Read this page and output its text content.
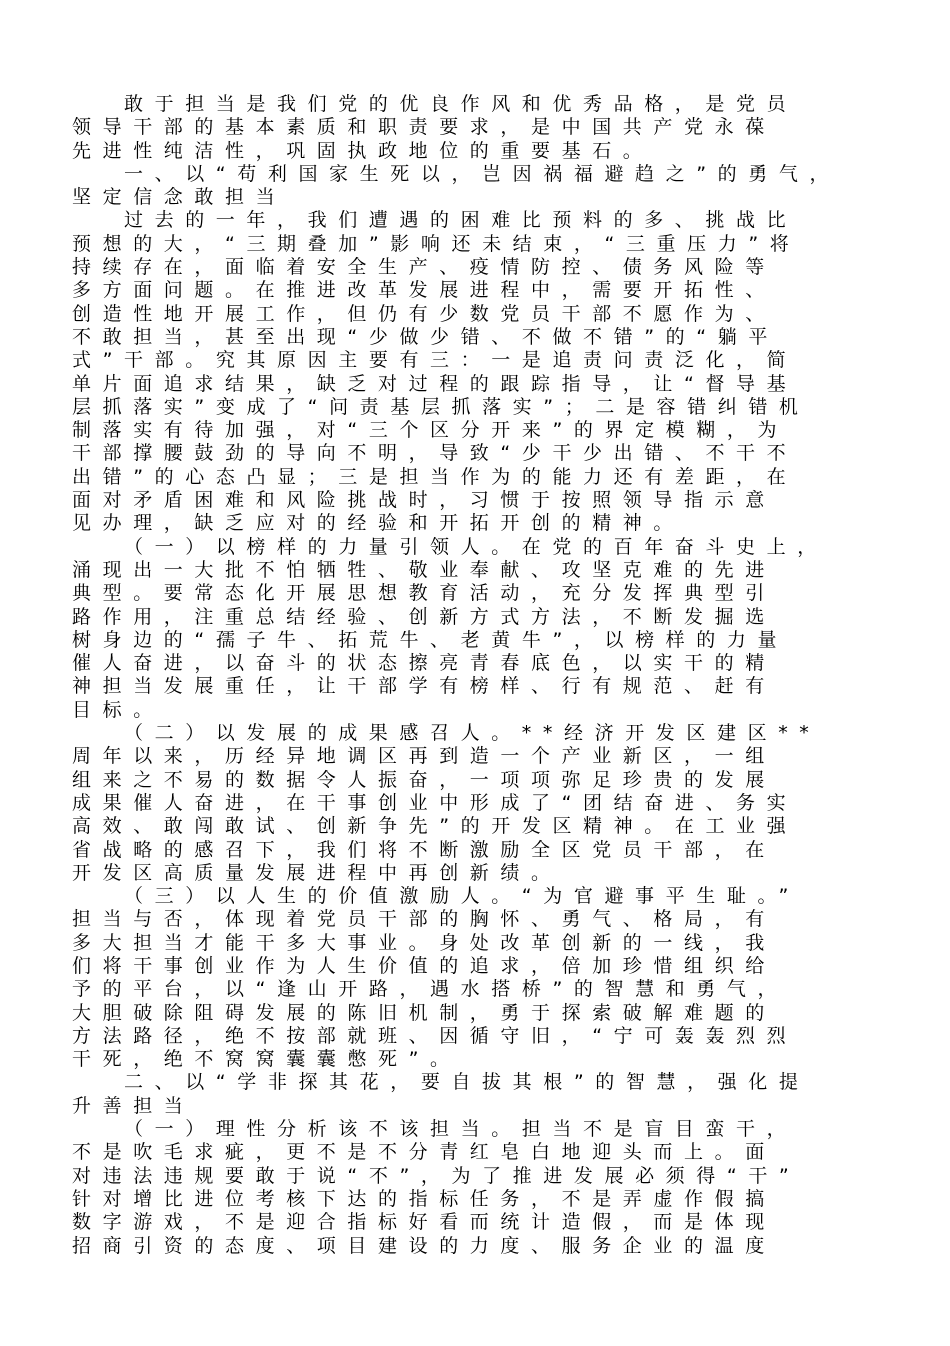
敢于担当是我们党的优良作风和优秀品格，是党员
领导干部的基本素质和职责要求，是中国共产党永葆
先进性纯洁性，巩固执政地位的重要基石。
一、以“苟利国家生死以，岂因祸福避趋之”的勇气，
坚定信念敢担当
过去的一年，我们遭遇的困难比预料的多、挑战比
预想的大，“三期叠加”影响还未结束，“三重压力”将
持续存在，面临着安全生产、疫情防控、债务风险等
多方面问题。在推进改革发展进程中，需要开拓性、
创造性地开展工作，但仍有少数党员干部不愿作为、
不敢担当，甚至出现“少做少错、不做不错”的“躺平
式”干部。究其原因主要有三：一是追责问责泛化，简
单片面追求结果，缺乏对过程的跟踪指导，让“督导基
层抓落实”变成了“问责基层抓落实”；二是容错纠错机
制落实有待加强，对“三个区分开来”的界定模糊，为
干部撑腰鼓劲的导向不明，导致“少干少出错、不干不
出错”的心态凸显；三是担当作为的能力还有差距，在
面对矛盾困难和风险挑战时，习惯于按照领导指示意
见办理，缺乏应对的经验和开拓开创的精神。
（一）以榜样的力量引领人。在党的百年奋斗史上，
涌现出一大批不怕牺牲、敬业奉献、攻坚克难的先进
典型。要常态化开展思想教育活动，充分发挥典型引
路作用，注重总结经验、创新方式方法，不断发掘选
树身边的“孺子牛、拓荒牛、老黄牛”，以榜样的力量
催人奋进，以奋斗的状态擦亮青春底色，以实干的精
神担当发展重任，让干部学有榜样、行有规范、赶有
目标。
（二）以发展的成果感召人。**经济开发区建区**
周年以来，历经异地调区再到造一个产业新区，一组
组来之不易的数据令人振奋，一项项弥足珍贵的发展
成果催人奋进，在干事创业中形成了“团结奋进、务实
高效、敢闯敢试、创新争先”的开发区精神。在工业强
省战略的感召下，我们将不断激励全区党员干部，在
开发区高质量发展进程中再创新绩。
（三）以人生的价值激励人。“为官避事平生耻。”
担当与否，体现着党员干部的胸怀、勇气、格局，有
多大担当才能干多大事业。身处改革创新的一线，我
们将干事创业作为人生价值的追求，倍加珍惜组织给
予的平台，以“逢山开路，遇水搭桥”的智慧和勇气，
大胆破除阻碍发展的陈旧机制，勇于探索破解难题的
方法路径，绝不按部就班、因循守旧，“宁可轰轰烈烈
干死，绝不窝窝囊囊憋死”。
二、以“学非探其花，要自拔其根”的智慧，强化提
升善担当
（一）理性分析该不该担当。担当不是盲目蛮干，
不是吹毛求疵，更不是不分青红皂白地迎头而上。面
对违法违规要敢于说“不”，为了推进发展必须得“干”
针对增比进位考核下达的指标任务，不是弄虚作假搞
数字游戏，不是迎合指标好看而统计造假，而是体现
招商引资的态度、项目建设的力度、服务企业的温度
